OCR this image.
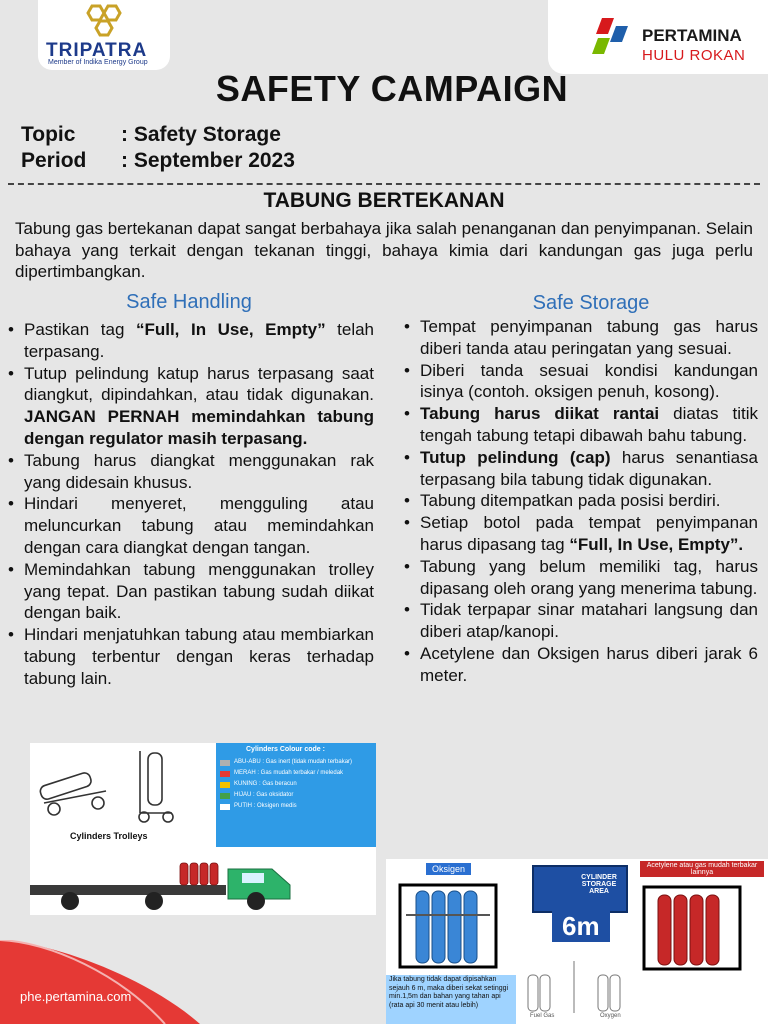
TRIPATRA
Member of Indika Energy Group
PERTAMINA
HULU ROKAN
SAFETY CAMPAIGN
Topic : Safety Storage
Period : September 2023
TABUNG BERTEKANAN
Tabung gas bertekanan dapat sangat berbahaya jika salah penanganan dan penyimpanan. Selain bahaya yang terkait dengan tekanan tinggi, bahaya kimia dari kandungan gas juga perlu dipertimbangkan.
Safe Handling
• Pastikan tag “Full, In Use, Empty” telah terpasang.
• Tutup pelindung katup harus terpasang saat diangkut, dipindahkan, atau tidak digunakan. JANGAN PERNAH memindahkan tabung dengan regulator masih terpasang.
• Tabung harus diangkat menggunakan rak yang didesain khusus.
• Hindari menyeret, mengguling atau meluncurkan tabung atau memindahkan dengan cara diangkat dengan tangan.
• Memindahkan tabung menggunakan trolley yang tepat. Dan pastikan tabung sudah diikat dengan baik.
• Hindari menjatuhkan tabung atau membiarkan tabung terbentur dengan keras terhadap tabung lain.
Safe Storage
• Tempat penyimpanan tabung gas harus diberi tanda atau peringatan yang sesuai.
• Diberi tanda sesuai kondisi kandungan isinya (contoh. oksigen penuh, kosong).
• Tabung harus diikat rantai diatas titik tengah tabung tetapi dibawah bahu tabung.
• Tutup pelindung (cap) harus senantiasa terpasang bila tabung tidak digunakan.
• Tabung ditempatkan pada posisi berdiri.
• Setiap botol pada tempat penyimpanan harus dipasang tag “Full, In Use, Empty”.
• Tabung yang belum memiliki tag, harus dipasang oleh orang yang menerima tabung.
• Tidak terpapar sinar matahari langsung dan diberi atap/kanopi.
• Acetylene dan Oksigen harus diberi jarak 6 meter.
Cylinders Trolleys
Cylinders Colour code :
ABU-ABU : Gas inert (tidak mudah terbakar)
MERAH : Gas mudah terbakar / meledak
KUNING : Gas beracun
HIJAU : Gas oksidator
PUTIH : Oksigen medis
Oksigen
CYLINDER STORAGE AREA
6m
Acetylene atau gas mudah terbakar lainnya
Jika tabung tidak dapat dipisahkan sejauh 6 m, maka diberi sekat setinggi min.1,5m dan bahan yang tahan api (rata api 30 menit atau lebih)
Fuel Gas	Oxygen
phe.pertamina.com
